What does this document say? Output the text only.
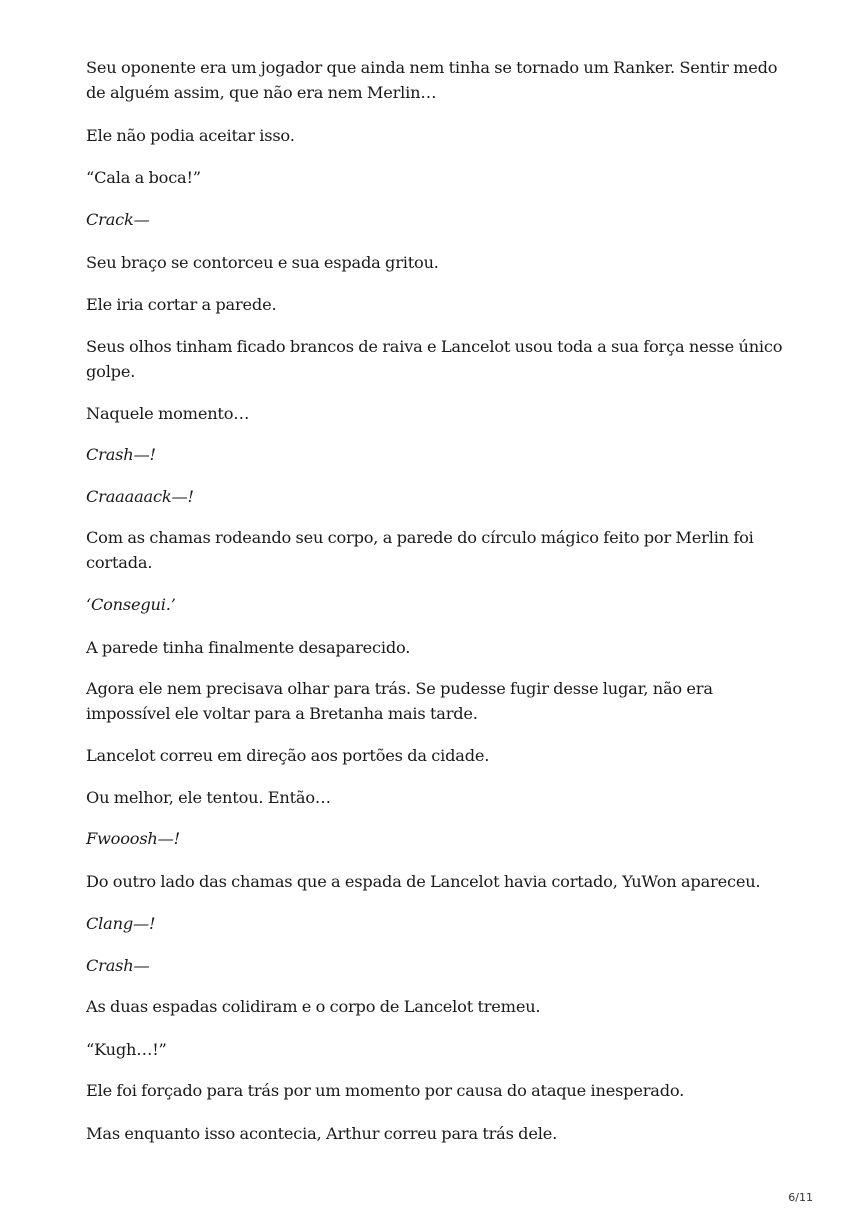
Seu oponente era um jogador que ainda nem tinha se tornado um Ranker. Sentir medo de alguém assim, que não era nem Merlin…

Ele não podia aceitar isso.

“Cala a boca!”

Crack—

Seu braço se contorceu e sua espada gritou.

Ele iria cortar a parede.

Seus olhos tinham ficado brancos de raiva e Lancelot usou toda a sua força nesse único golpe.

Naquele momento…

Crash—!

Craaaaack—!

Com as chamas rodeando seu corpo, a parede do círculo mágico feito por Merlin foi cortada.

‘Consegui.’

A parede tinha finalmente desaparecido.

Agora ele nem precisava olhar para trás. Se pudesse fugir desse lugar, não era impossível ele voltar para a Bretanha mais tarde.

Lancelot correu em direção aos portões da cidade.

Ou melhor, ele tentou. Então…

Fwooosh—!

Do outro lado das chamas que a espada de Lancelot havia cortado, YuWon apareceu.

Clang—!

Crash—

As duas espadas colidiram e o corpo de Lancelot tremeu.

“Kugh…!”

Ele foi forçado para trás por um momento por causa do ataque inesperado.

Mas enquanto isso acontecia, Arthur correu para trás dele.

6/11
